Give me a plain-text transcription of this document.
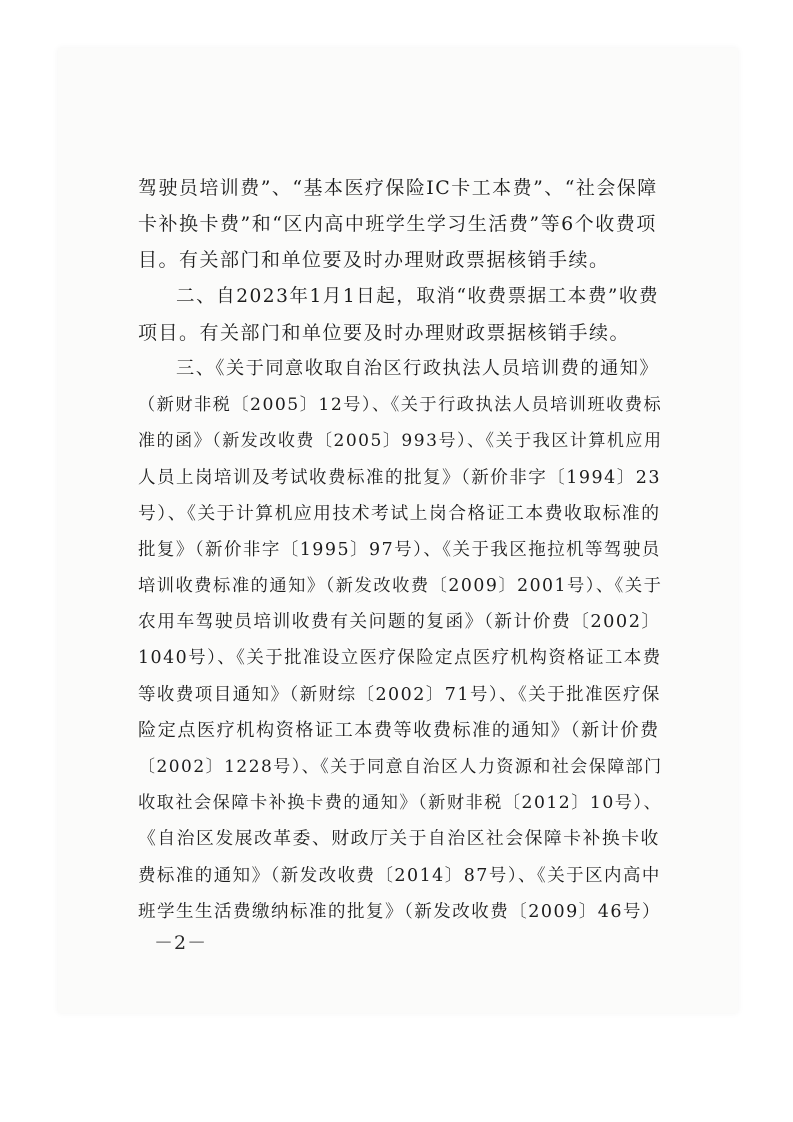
驾驶员培训费”、“基本医疗保险IC卡工本费”、“社会保障
卡补换卡费”和“区内高中班学生学习生活费”等6个收费项
目。有关部门和单位要及时办理财政票据核销手续。
二、自2023年1月1日起，取消“收费票据工本费”收费
项目。有关部门和单位要及时办理财政票据核销手续。
三、《关于同意收取自治区行政执法人员培训费的通知》
（新财非税〔2005〕12号）、《关于行政执法人员培训班收费标
准的函》（新发改收费〔2005〕993号）、《关于我区计算机应用
人员上岗培训及考试收费标准的批复》（新价非字〔1994〕23
号）、《关于计算机应用技术考试上岗合格证工本费收取标准的
批复》（新价非字〔1995〕97号）、《关于我区拖拉机等驾驶员
培训收费标准的通知》（新发改收费〔2009〕2001号）、《关于
农用车驾驶员培训收费有关问题的复函》（新计价费〔2002〕
1040号）、《关于批准设立医疗保险定点医疗机构资格证工本费
等收费项目通知》（新财综〔2002〕71号）、《关于批准医疗保
险定点医疗机构资格证工本费等收费标准的通知》（新计价费
〔2002〕1228号）、《关于同意自治区人力资源和社会保障部门
收取社会保障卡补换卡费的通知》（新财非税〔2012〕10号）、
《自治区发展改革委、财政厅关于自治区社会保障卡补换卡收
费标准的通知》（新发改收费〔2014〕87号）、《关于区内高中
班学生生活费缴纳标准的批复》（新发改收费〔2009〕46号）
－2－
